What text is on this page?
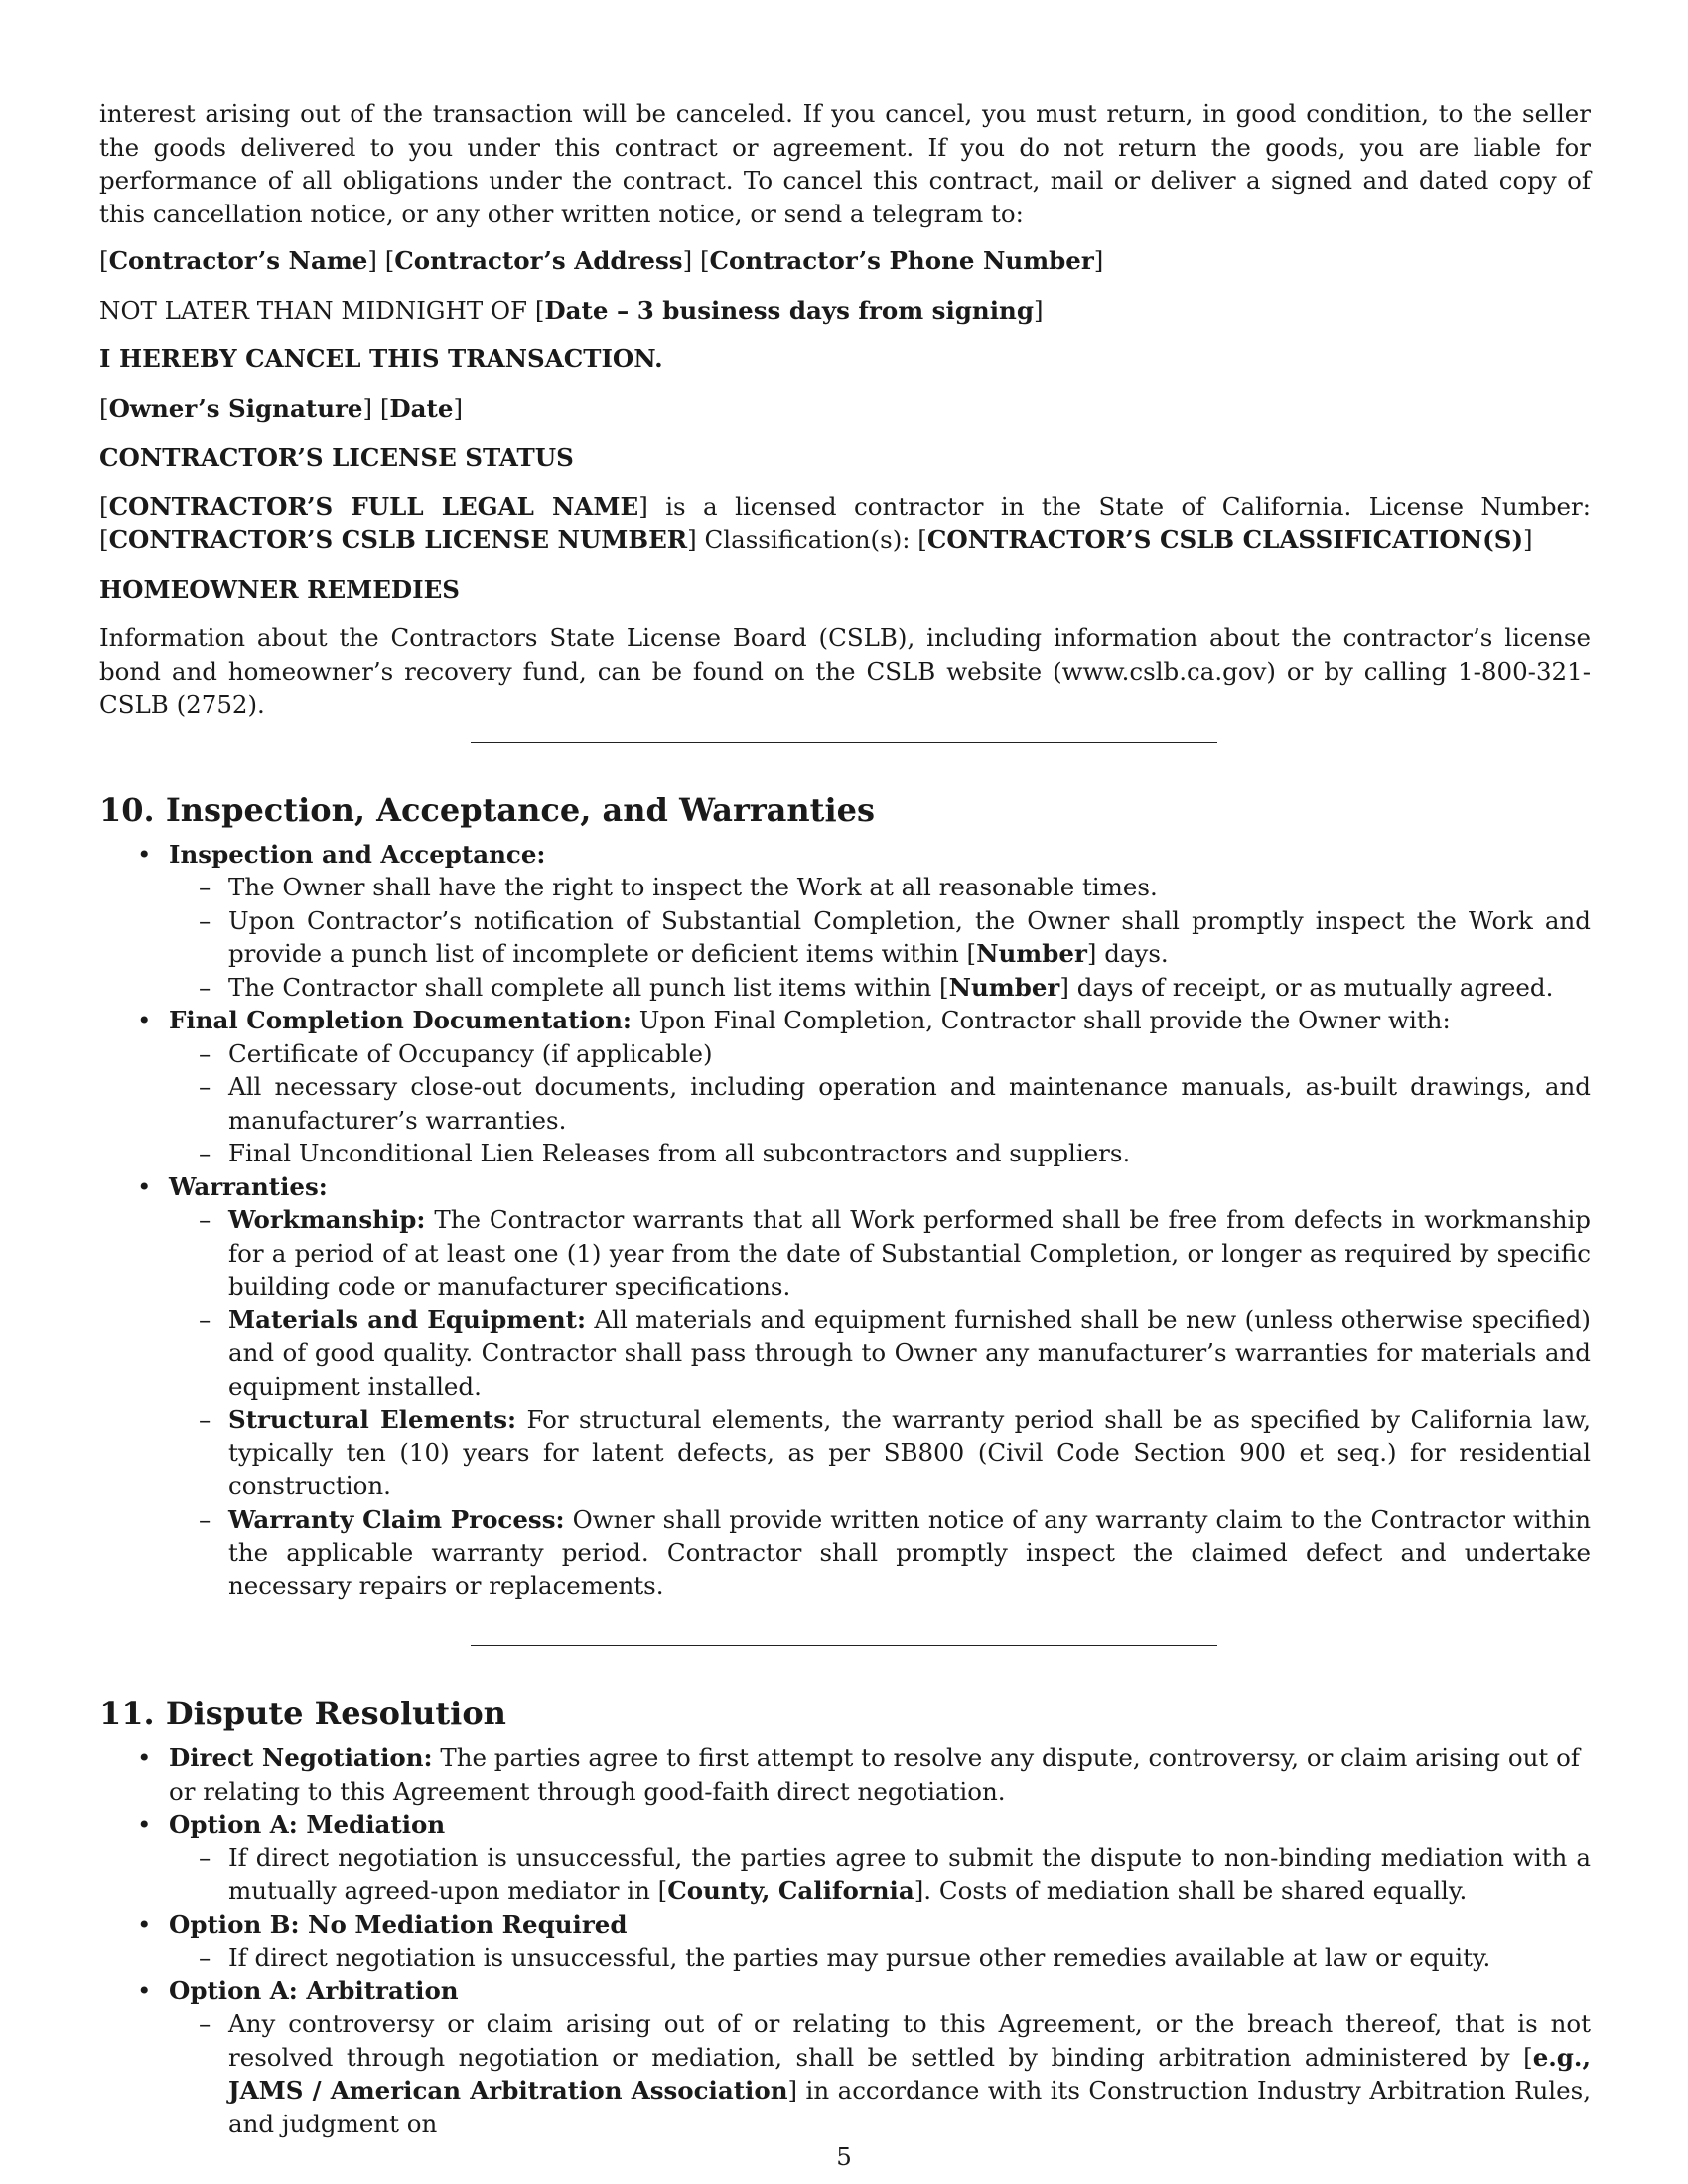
interest arising out of the transaction will be canceled. If you cancel, you must return, in good condition, to the seller the goods delivered to you under this contract or agreement. If you do not return the goods, you are liable for performance of all obligations under the contract. To cancel this contract, mail or deliver a signed and dated copy of this cancellation notice, or any other written notice, or send a telegram to:

[Contractor’s Name] [Contractor’s Address] [Contractor’s Phone Number]

NOT LATER THAN MIDNIGHT OF [Date – 3 business days from signing]

I HEREBY CANCEL THIS TRANSACTION.

[Owner’s Signature] [Date]

CONTRACTOR’S LICENSE STATUS

[CONTRACTOR’S FULL LEGAL NAME] is a licensed contractor in the State of California. License Number: [CONTRACTOR’S CSLB LICENSE NUMBER] Classification(s): [CONTRACTOR’S CSLB CLASSIFICATION(S)]

HOMEOWNER REMEDIES

Information about the Contractors State License Board (CSLB), including information about the contractor’s license bond and homeowner’s recovery fund, can be found on the CSLB website (www.cslb.ca.gov) or by calling 1-800-321-CSLB (2752).

10. Inspection, Acceptance, and Warranties
• Inspection and Acceptance:
– The Owner shall have the right to inspect the Work at all reasonable times.
– Upon Contractor’s notification of Substantial Completion, the Owner shall promptly inspect the Work and provide a punch list of incomplete or deficient items within [Number] days.
– The Contractor shall complete all punch list items within [Number] days of receipt, or as mutually agreed.
• Final Completion Documentation: Upon Final Completion, Contractor shall provide the Owner with:
– Certificate of Occupancy (if applicable)
– All necessary close-out documents, including operation and maintenance manuals, as-built drawings, and manufacturer’s warranties.
– Final Unconditional Lien Releases from all subcontractors and suppliers.
• Warranties:
– Workmanship: The Contractor warrants that all Work performed shall be free from defects in workmanship for a period of at least one (1) year from the date of Substantial Completion, or longer as required by specific building code or manufacturer specifications.
– Materials and Equipment: All materials and equipment furnished shall be new (unless otherwise specified) and of good quality. Contractor shall pass through to Owner any manufacturer’s warranties for materials and equipment installed.
– Structural Elements: For structural elements, the warranty period shall be as specified by California law, typically ten (10) years for latent defects, as per SB800 (Civil Code Section 900 et seq.) for residential construction.
– Warranty Claim Process: Owner shall provide written notice of any warranty claim to the Contractor within the applicable warranty period. Contractor shall promptly inspect the claimed defect and undertake necessary repairs or replacements.
11. Dispute Resolution
• Direct Negotiation: The parties agree to first attempt to resolve any dispute, controversy, or claim arising out of or relating to this Agreement through good-faith direct negotiation.
• Option A: Mediation
– If direct negotiation is unsuccessful, the parties agree to submit the dispute to non-binding mediation with a mutually agreed-upon mediator in [County, California]. Costs of mediation shall be shared equally.
• Option B: No Mediation Required
– If direct negotiation is unsuccessful, the parties may pursue other remedies available at law or equity.
• Option A: Arbitration
– Any controversy or claim arising out of or relating to this Agreement, or the breach thereof, that is not resolved through negotiation or mediation, shall be settled by binding arbitration administered by [e.g., JAMS / American Arbitration Association] in accordance with its Construction Industry Arbitration Rules, and judgment on
5
